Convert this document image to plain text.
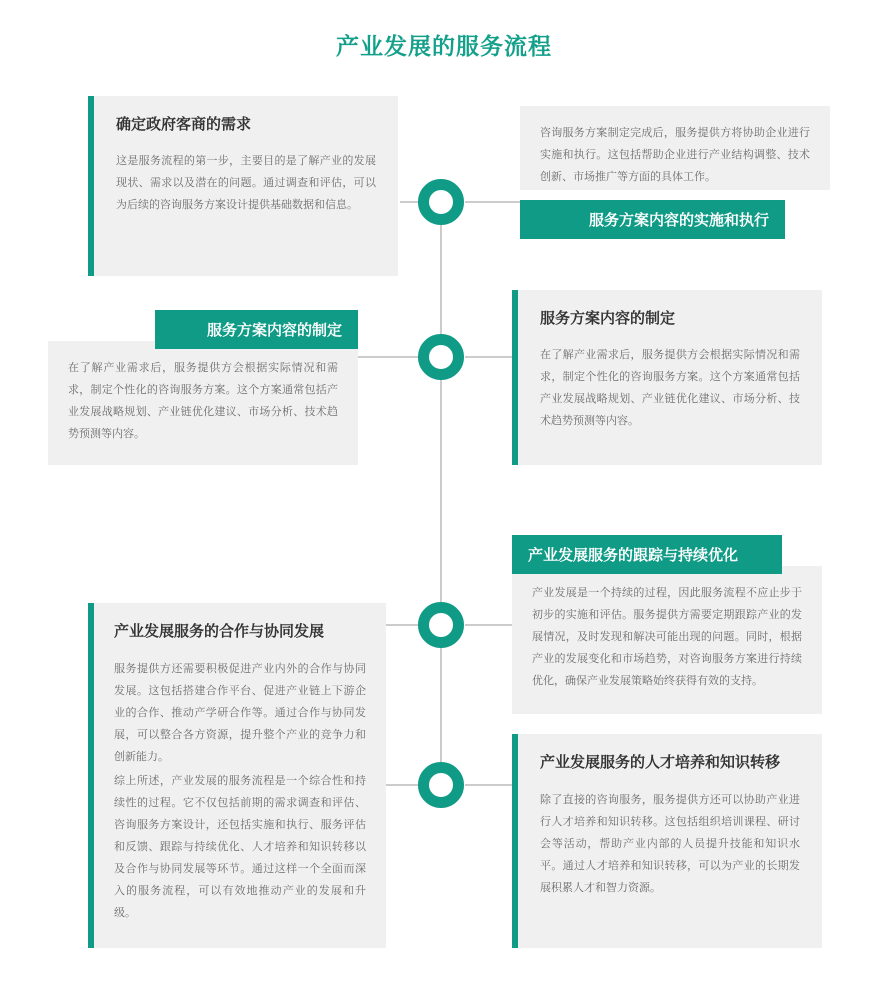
产业发展的服务流程
确定政府客商的需求

这是服务流程的第一步，主要目的是了解产业的发展现状、需求以及潜在的问题。通过调查和评估，可以为后续的咨询服务方案设计提供基础数据和信息。

咨询服务方案制定完成后，服务提供方将协助企业进行实施和执行。这包括帮助企业进行产业结构调整、技术创新、市场推广等方面的具体工作。

服务方案内容的实施和执行
服务方案内容的制定

在了解产业需求后，服务提供方会根据实际情况和需求，制定个性化的咨询服务方案。这个方案通常包括产业发展战略规划、产业链优化建议、市场分析、技术趋势预测等内容。

服务方案内容的制定

在了解产业需求后，服务提供方会根据实际情况和需求，制定个性化的咨询服务方案。这个方案通常包括产业发展战略规划、产业链优化建议、市场分析、技术趋势预测等内容。

产业发展服务的跟踪与持续优化

产业发展是一个持续的过程，因此服务流程不应止步于初步的实施和评估。服务提供方需要定期跟踪产业的发展情况，及时发现和解决可能出现的问题。同时，根据产业的发展变化和市场趋势，对咨询服务方案进行持续优化，确保产业发展策略始终获得有效的支持。

产业发展服务的合作与协同发展

服务提供方还需要积极促进产业内外的合作与协同发展。这包括搭建合作平台、促进产业链上下游企业的合作、推动产学研合作等。通过合作与协同发展，可以整合各方资源，提升整个产业的竞争力和创新能力。

综上所述，产业发展的服务流程是一个综合性和持续性的过程。它不仅包括前期的需求调查和评估、咨询服务方案设计，还包括实施和执行、服务评估和反馈、跟踪与持续优化、人才培养和知识转移以及合作与协同发展等环节。通过这样一个全面而深入的服务流程，可以有效地推动产业的发展和升级。

产业发展服务的人才培养和知识转移

除了直接的咨询服务，服务提供方还可以协助产业进行人才培养和知识转移。这包括组织培训课程、研讨会等活动，帮助产业内部的人员提升技能和知识水平。通过人才培养和知识转移，可以为产业的长期发展积累人才和智力资源。
